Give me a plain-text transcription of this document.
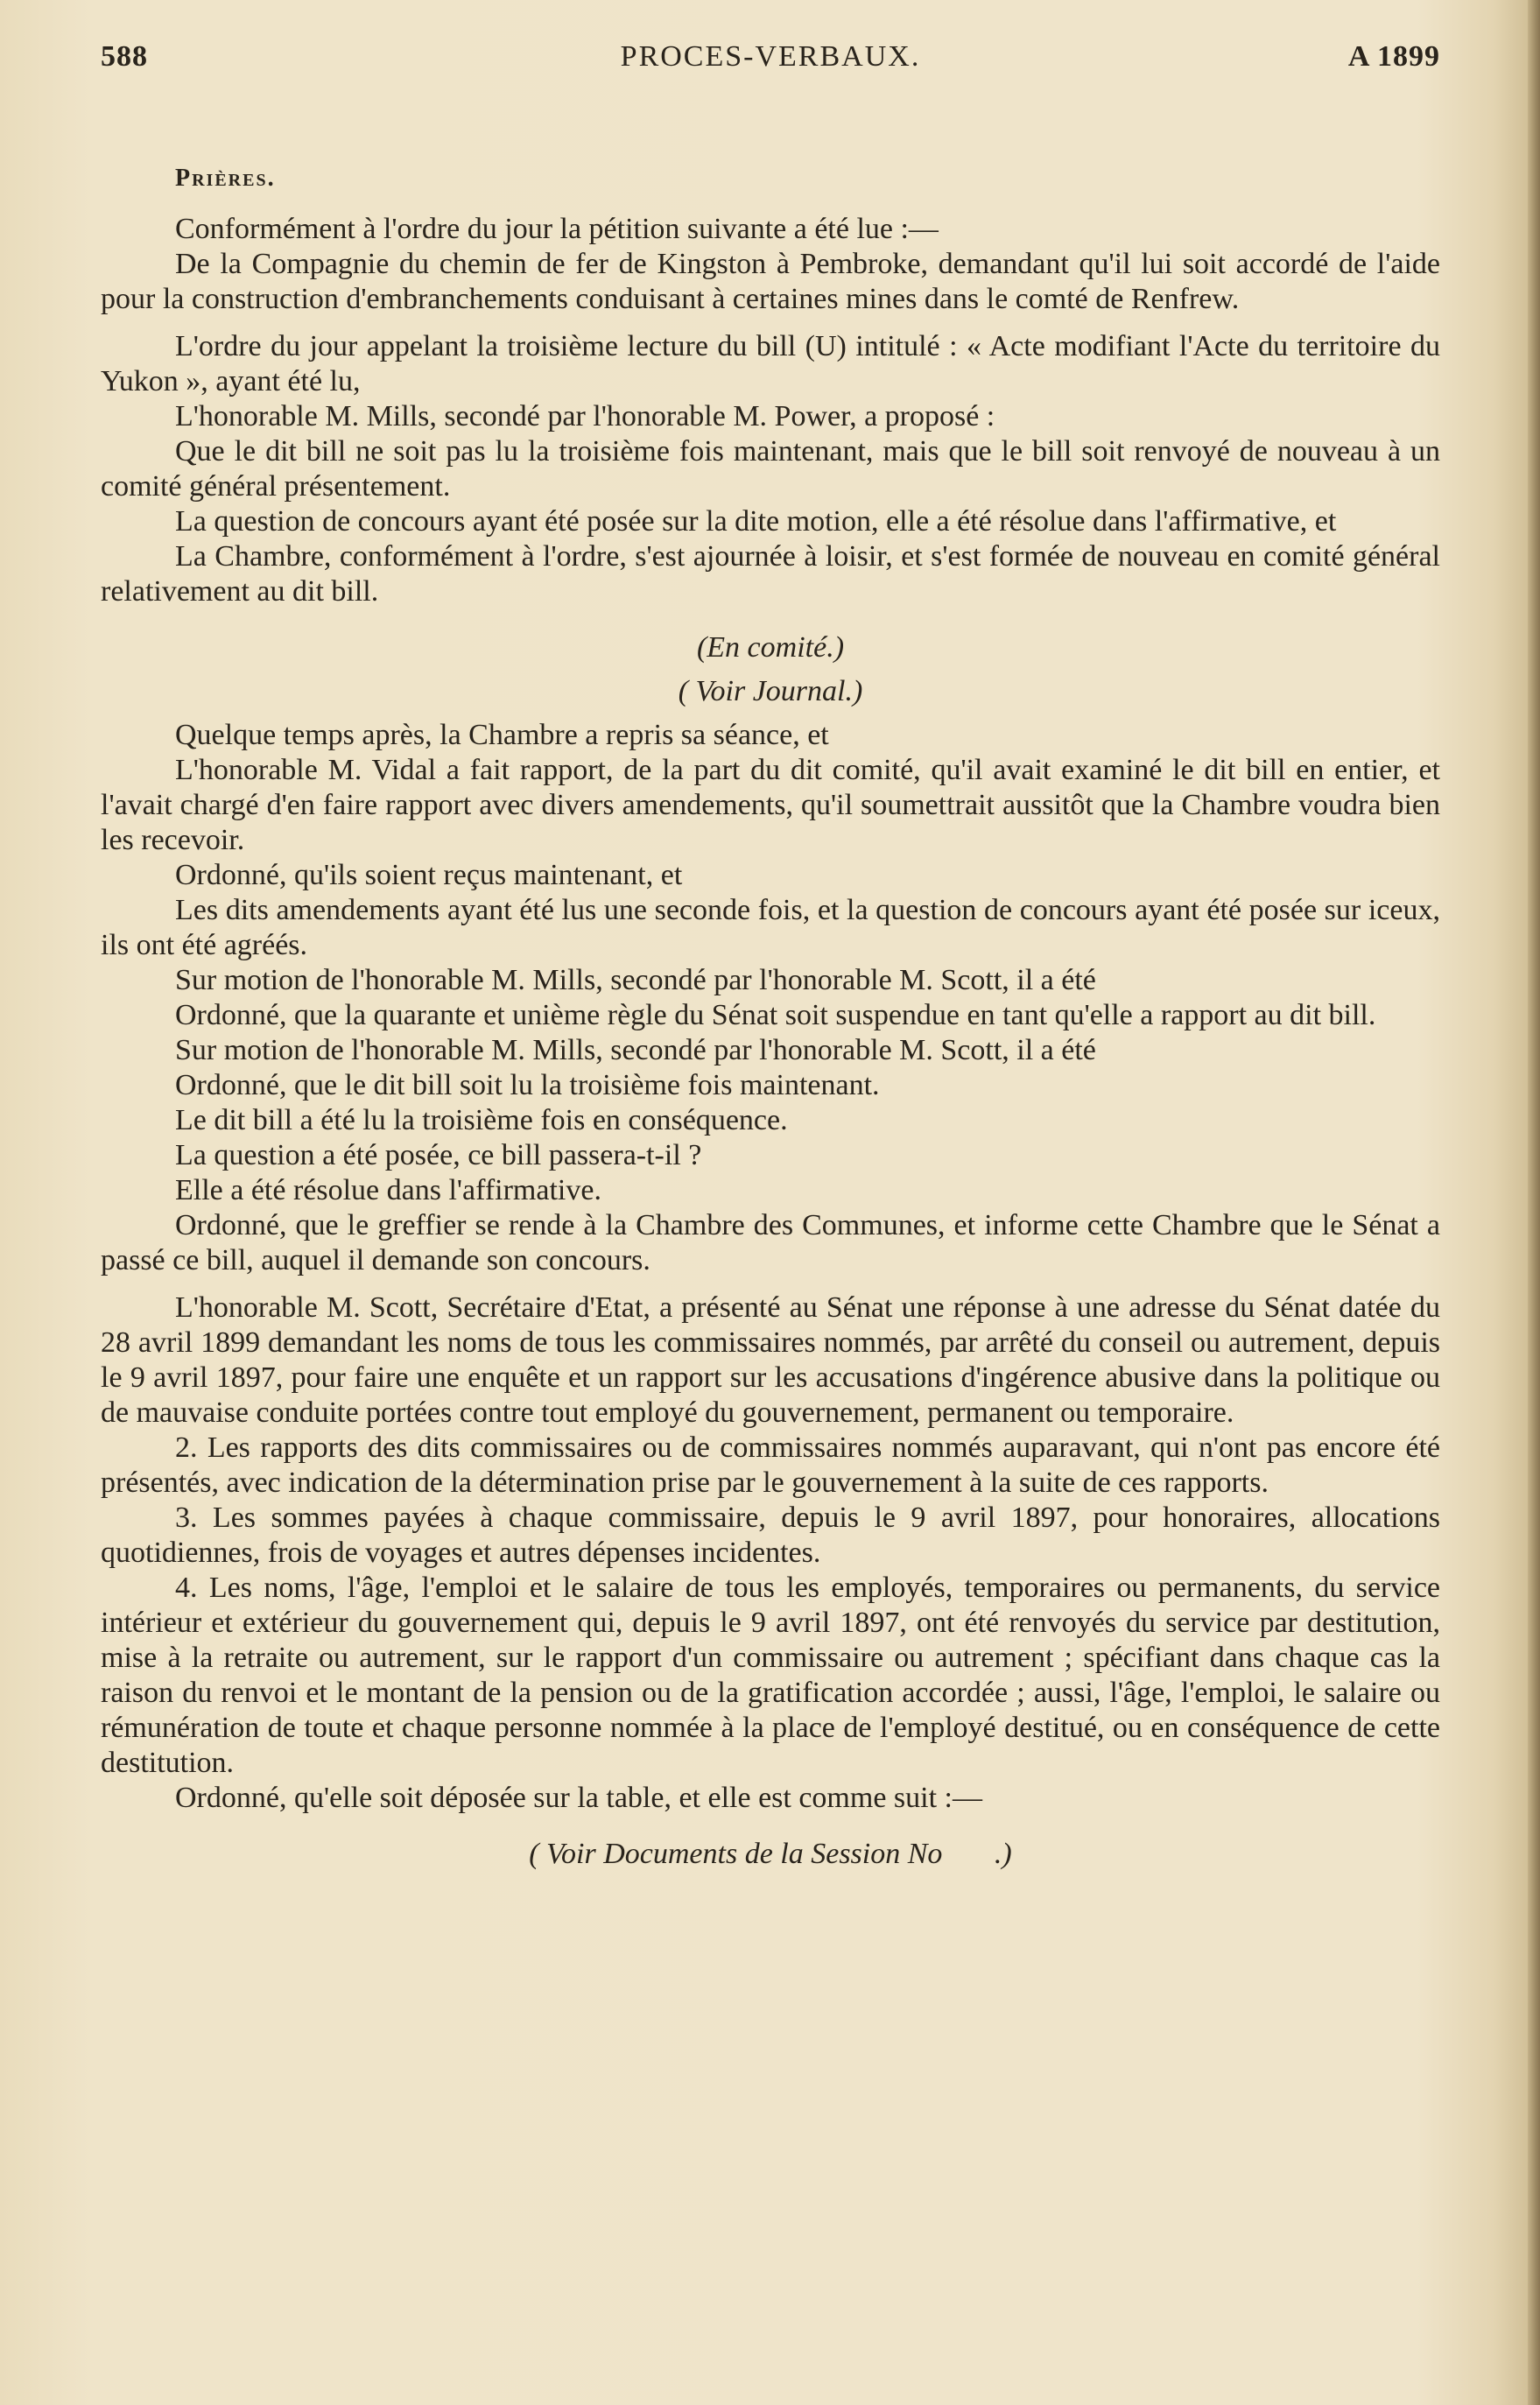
588	PROCES-VERBAUX.	A 1899
Prières.

Conformément à l'ordre du jour la pétition suivante a été lue :—

De la Compagnie du chemin de fer de Kingston à Pembroke, demandant qu'il lui soit accordé de l'aide pour la construction d'embranchements conduisant à certaines mines dans le comté de Renfrew.

L'ordre du jour appelant la troisième lecture du bill (U) intitulé : « Acte modifiant l'Acte du territoire du Yukon », ayant été lu,

L'honorable M. Mills, secondé par l'honorable M. Power, a proposé :

Que le dit bill ne soit pas lu la troisième fois maintenant, mais que le bill soit renvoyé de nouveau à un comité général présentement.

La question de concours ayant été posée sur la dite motion, elle a été résolue dans l'affirmative, et

La Chambre, conformément à l'ordre, s'est ajournée à loisir, et s'est formée de nouveau en comité général relativement au dit bill.

(En comité.)

( Voir Journal.)

Quelque temps après, la Chambre a repris sa séance, et

L'honorable M. Vidal a fait rapport, de la part du dit comité, qu'il avait examiné le dit bill en entier, et l'avait chargé d'en faire rapport avec divers amendements, qu'il soumettrait aussitôt que la Chambre voudra bien les recevoir.

Ordonné, qu'ils soient reçus maintenant, et

Les dits amendements ayant été lus une seconde fois, et la question de concours ayant été posée sur iceux, ils ont été agréés.

Sur motion de l'honorable M. Mills, secondé par l'honorable M. Scott, il a été

Ordonné, que la quarante et unième règle du Sénat soit suspendue en tant qu'elle a rapport au dit bill.

Sur motion de l'honorable M. Mills, secondé par l'honorable M. Scott, il a été

Ordonné, que le dit bill soit lu la troisième fois maintenant.

Le dit bill a été lu la troisième fois en conséquence.

La question a été posée, ce bill passera-t-il ?

Elle a été résolue dans l'affirmative.

Ordonné, que le greffier se rende à la Chambre des Communes, et informe cette Chambre que le Sénat a passé ce bill, auquel il demande son concours.

L'honorable M. Scott, Secrétaire d'Etat, a présenté au Sénat une réponse à une adresse du Sénat datée du 28 avril 1899 demandant les noms de tous les commissaires nommés, par arrêté du conseil ou autrement, depuis le 9 avril 1897, pour faire une enquête et un rapport sur les accusations d'ingérence abusive dans la politique ou de mauvaise conduite portées contre tout employé du gouvernement, permanent ou temporaire.

2. Les rapports des dits commissaires ou de commissaires nommés auparavant, qui n'ont pas encore été présentés, avec indication de la détermination prise par le gouvernement à la suite de ces rapports.

3. Les sommes payées à chaque commissaire, depuis le 9 avril 1897, pour honoraires, allocations quotidiennes, frois de voyages et autres dépenses incidentes.

4. Les noms, l'âge, l'emploi et le salaire de tous les employés, temporaires ou permanents, du service intérieur et extérieur du gouvernement qui, depuis le 9 avril 1897, ont été renvoyés du service par destitution, mise à la retraite ou autrement, sur le rapport d'un commissaire ou autrement ; spécifiant dans chaque cas la raison du renvoi et le montant de la pension ou de la gratification accordée ; aussi, l'âge, l'emploi, le salaire ou rémunération de toute et chaque personne nommée à la place de l'employé destitué, ou en conséquence de cette destitution.

Ordonné, qu'elle soit déposée sur la table, et elle est comme suit :—

( Voir Documents de la Session No       .)
